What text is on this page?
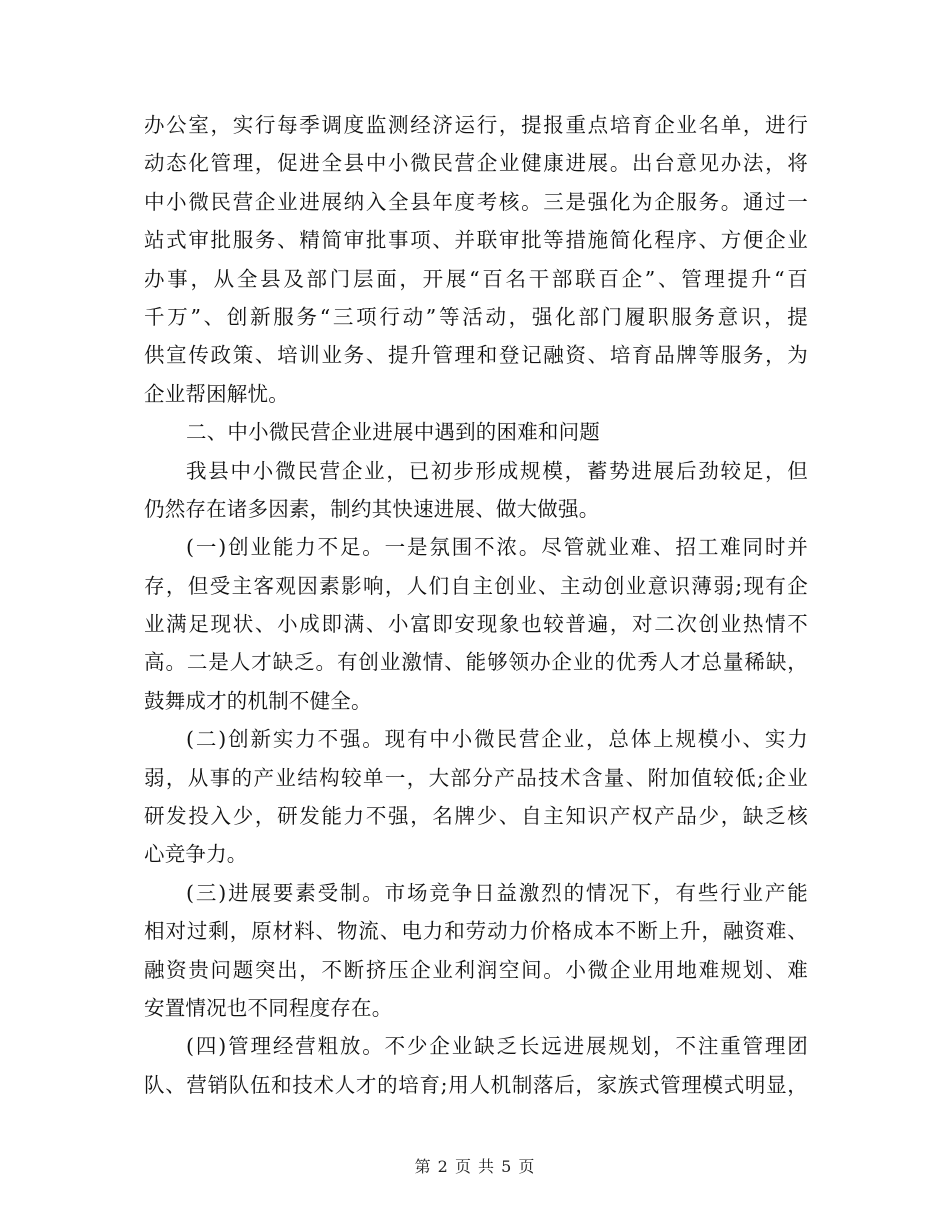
办公室，实行每季调度监测经济运行，提报重点培育企业名单，进行
动态化管理，促进全县中小微民营企业健康进展。出台意见办法，将
中小微民营企业进展纳入全县年度考核。三是强化为企服务。通过一
站式审批服务、精简审批事项、并联审批等措施简化程序、方便企业
办事，从全县及部门层面，开展“百名干部联百企”、管理提升“百
千万”、创新服务“三项行动”等活动，强化部门履职服务意识，提
供宣传政策、培训业务、提升管理和登记融资、培育品牌等服务，为
企业帮困解忧。
二、中小微民营企业进展中遇到的困难和问题
我县中小微民营企业，已初步形成规模，蓄势进展后劲较足，但
仍然存在诸多因素，制约其快速进展、做大做强。
(一)创业能力不足。一是氛围不浓。尽管就业难、招工难同时并
存，但受主客观因素影响，人们自主创业、主动创业意识薄弱;现有企
业满足现状、小成即满、小富即安现象也较普遍，对二次创业热情不
高。二是人才缺乏。有创业激情、能够领办企业的优秀人才总量稀缺，
鼓舞成才的机制不健全。
(二)创新实力不强。现有中小微民营企业，总体上规模小、实力
弱，从事的产业结构较单一，大部分产品技术含量、附加值较低;企业
研发投入少，研发能力不强，名牌少、自主知识产权产品少，缺乏核
心竞争力。
(三)进展要素受制。市场竞争日益激烈的情况下，有些行业产能
相对过剩，原材料、物流、电力和劳动力价格成本不断上升，融资难、
融资贵问题突出，不断挤压企业利润空间。小微企业用地难规划、难
安置情况也不同程度存在。
(四)管理经营粗放。不少企业缺乏长远进展规划，不注重管理团
队、营销队伍和技术人才的培育;用人机制落后，家族式管理模式明显，
第 2 页 共 5 页
